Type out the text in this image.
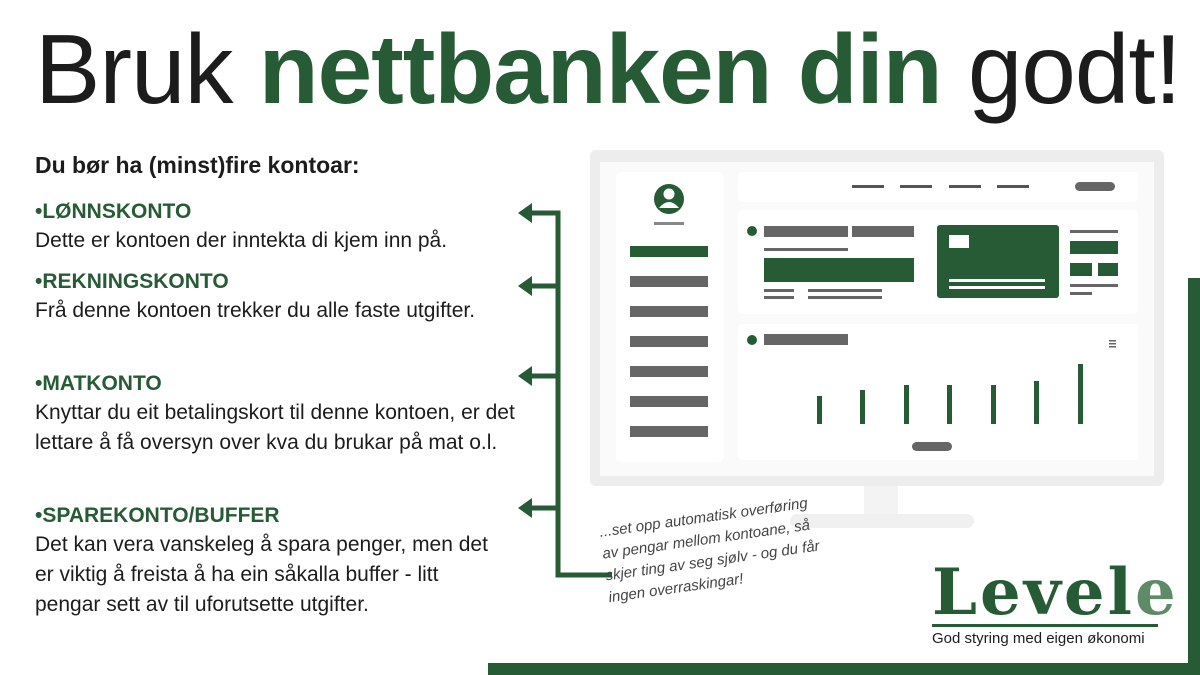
Bruk nettbanken din godt!
Du bør ha (minst)fire kontoar:
•LØNNSKONTO
Dette er kontoen der inntekta di kjem inn på.
•REKNINGSKONTO
Frå denne kontoen trekker du alle faste utgifter.
•MATKONTO
Knyttar du eit betalingskort til denne kontoen, er det lettare å få oversyn over kva du brukar på mat o.l.
•SPAREKONTO/BUFFER
Det kan vera vanskeleg å spara penger, men det er viktig å freista å ha ein såkalla buffer - litt pengar sett av til uforutsette utgifter.
...set opp automatisk overføring av pengar mellom kontoane, så skjer ting av seg sjølv - og du får ingen overraskingar!	Levele
God styring med eigen økonomi
